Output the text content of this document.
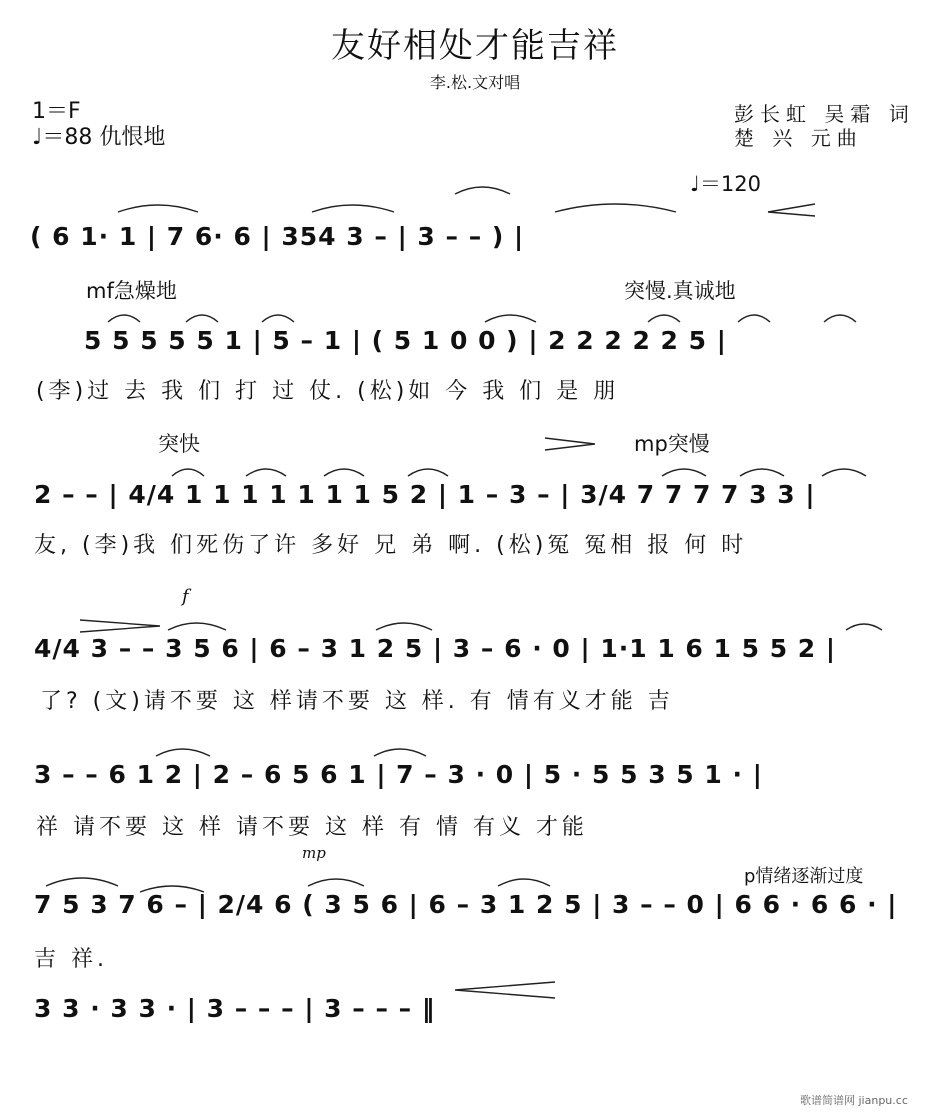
友好相处才能吉祥
李.松.文对唱
1＝F
♩＝88 仇恨地
彭长虹 吴霜 词
楚 兴 元曲
♩＝120
( 6 1· 1 | 7 6· 6 | 354 3 – | 3 – – ) |
mf急燥地	突慢.真诚地
5 5 5 5 5 1 | 5 – 1 | ( 5 1 0 0 ) | 2 2 2 2 2 5 |
(李)过 去 我 们 打 过 仗. (松)如 今 我 们 是 朋
突快	mp突慢
2 – – | 4/4 1 1 1 1 1 1 1 5 2 | 1 – 3 – | 3/4 7 7 7 7 3 3 |
友, (李)我 们死伤了许 多好 兄 弟 啊. (松)冤 冤相 报 何 时
f
4/4 3 – – 3 5 6 | 6 – 3 1 2 5 | 3 – 6 · 0 | 1·1 1 6 1 5 5 2 |
了? (文)请不要 这 样请不要 这 样. 有 情有义才能 吉
3 – – 6 1 2 | 2 – 6 5 6 1 | 7 – 3 · 0 | 5 · 5 5 3 5 1 · |
祥 请不要 这 样 请不要 这 样 有 情 有义 才能
mp
p情绪逐渐过度
7 5 3 7 6 – | 2/4 6 ( 3 5 6 | 6 – 3 1 2 5 | 3 – – 0 | 6 6 · 6 6 · |
吉 祥.
3 3 · 3 3 · | 3 – – – | 3 – – – ‖
歌谱简谱网 jianpu.cc
